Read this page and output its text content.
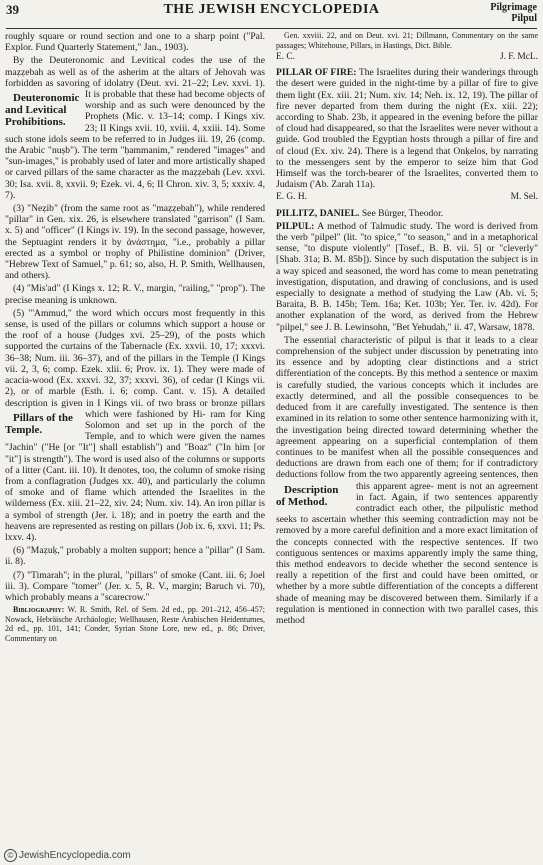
39	THE JEWISH ENCYCLOPEDIA	Pilgrimage
Pilpul

roughly square or round section and one to a sharp point ("Pal. Explor. Fund Quarterly Statement," Jan., 1903).

By the Deuteronomic and Levitical codes the use of the maẓẓebah as well as of the asherim at the altars of Jehovah was forbidden as savoring of idolatry (Deut. xvi. 21–22; Lev. xxvi. 1). It is probable that these had become objects of
Deuteronomic and Levitical Prohibitions.
worship and as such were denounced by the Prophets (Mic. v. 13–14; comp. I Kings xiv. 23; II Kings xvii. 10, xviii. 4, xxiii. 14). Some such stone idols seem to be referred to in Judges iii. 19, 26 (comp. the Arabic "nuṣb"). The term "ḥammanim," rendered "images" and "sun-images," is probably used of later and more artistically shaped or carved pillars of the same character as the maẓẓebah (Lev. xxvi. 30; Isa. xvii. 8, xxvii. 9; Ezek. vi. 4, 6; II Chron. xiv. 3, 5; xxxiv. 4, 7).

(3) "Neẓib" (from the same root as "maẓẓebah"), while rendered "pillar" in Gen. xix. 26, is elsewhere translated "garrison" (I Sam. x. 5) and "officer" (I Kings iv. 19). In the second passage, however, the Septuagint renders it by ἀνάστημα, "i.e., probably a pillar erected as a symbol or trophy of Philistine dominion" (Driver, "Hebrew Text of Samuel," p. 61; so, also, H. P. Smith, Wellhausen, and others).

(4) "Mis'ad" (I Kings x. 12; R. V., margin, "railing," "prop"). The precise meaning is unknown.

(5) "'Ammud," the word which occurs most frequently in this sense, is used of the pillars or columns which support a house or the roof of a house (Judges xvi. 25–29), of the posts which supported the curtains of the Tabernacle (Ex. xxvii. 10, 17; xxxvi. 36–38; Num. iii. 36–37), and of the pillars in the Temple (I Kings vii. 2, 3, 6; comp. Ezek. xlii. 6; Prov. ix. 1). They were made of acacia-wood (Ex. xxxvi. 32, 37; xxxvi. 36), of cedar (I Kings vii. 2), or of marble (Esth. i. 6; comp. Cant. v. 15). A detailed description is given in I Kings vii. of two brass or bronze pillars which were fashioned by Hi-
Pillars of the Temple.
ram for King Solomon and set up in the porch of the Temple, and to which were given the names "Jachin" ("He [or "It"] shall establish") and "Boaz" ("In him [or "it"] is strength"). The word is used also of the columns or supports of a litter (Cant. iii. 10). It denotes, too, the column of smoke rising from a conflagration (Judges xx. 40), and particularly the column of smoke and of flame which attended the Israelites in the wilderness (Ex. xiii. 21–22, xiv. 24; Num. xiv. 14). An iron pillar is a symbol of strength (Jer. i. 18); and in poetry the earth and the heavens are represented as resting on pillars (Job ix. 6, xxvi. 11; Ps. lxxv. 4).

(6) "Maẓuḳ," probably a molten support; hence a "pillar" (I Sam. ii. 8).

(7) "Timarah"; in the plural, "pillars" of smoke (Cant. iii. 6; Joel iii. 3). Compare "tomer" (Jer. x. 5, R. V., margin; Baruch vi. 70), which probably means a "scarecrow."

Bibliography: W. R. Smith, Rel. of Sem. 2d ed., pp. 201–212, 456–457; Nowack, Hebräische Archäologie; Wellhausen, Reste Arabischen Heidentumes, 2d ed., pp. 101, 141; Conder, Syrian Stone Lore, new ed., p. 86; Driver, Commentary on

Gen. xxviii. 22, and on Deut. xvi. 21; Dillmann, Commentary on the same passages; Whitehouse, Pillars, in Hastings, Dict. Bible.

E. C.	J. F. McL.

PILLAR OF FIRE: The Israelites during their wanderings through the desert were guided in the night-time by a pillar of fire to give them light (Ex. xiii. 21; Num. xiv. 14; Neh. ix. 12, 19). The pillar of fire never departed from them during the night (Ex. xiii. 22); according to Shab. 23b, it appeared in the evening before the pillar of cloud had disappeared, so that the Israelites were never without a guide. God troubled the Egyptian hosts through a pillar of fire and of cloud (Ex. xiv. 24). There is a legend that Onḳelos, by narrating to the messengers sent by the emperor to seize him that God Himself was the torch-bearer of the Israelites, converted them to Judaism ('Ab. Zarah 11a).

E. G. H.	M. Sel.

PILLITZ, DANIEL. See Bürger, Theodor.

PILPUL: A method of Talmudic study. The word is derived from the verb "pilpel" (lit. "to spice," "to season," and in a metaphorical sense, "to dispute violently" [Tosef., B. B. vii. 5] or "cleverly" [Shab. 31a; B. M. 85b]). Since by such disputation the subject is in a way spiced and seasoned, the word has come to mean penetrating investigation, disputation, and drawing of conclusions, and is used especially to designate a method of studying the Law (Ab. vi. 5; Baraita, B. B. 145b; Tem. 16a; Ket. 103b; Yer. Ter. iv. 42d). For another explanation of the word, as derived from the Hebrew "pilpel," see J. B. Lewinsohn, "Bet Yehudah," ii. 47, Warsaw, 1878.

The essential characteristic of pilpul is that it leads to a clear comprehension of the subject under discussion by penetrating into its essence and by adopting clear distinctions and a strict differentiation of the concepts. By this method a sentence or maxim is carefully studied, the various concepts which it includes are exactly determined, and all the possible consequences to be deduced from it are carefully investigated. The sentence is then examined in its relation to some other sentence harmonizing with it, the investigation being directed toward determining whether the agreement appearing on a superficial contemplation of them continues to be manifest when all the possible consequences and deductions are drawn from each one of them; for if contradictory deductions follow from the two apparently agreeing sentences, then this apparent agree-
Description of Method.
ment is not an agreement in fact. Again, if two sentences apparently contradict each other, the pilpulistic method seeks to ascertain whether this seeming contradiction may not be removed by a more careful definition and a more exact limitation of the concepts connected with the respective sentences. If two contiguous sentences or maxims apparently imply the same thing, this method endeavors to decide whether the second sentence is really a repetition of the first and could have been omitted, or whether by a more subtle differentiation of the concepts a different shade of meaning may be discovered between them. Similarly if a regulation is mentioned in connection with two parallel cases, this method

© JewishEncyclopedia.com
